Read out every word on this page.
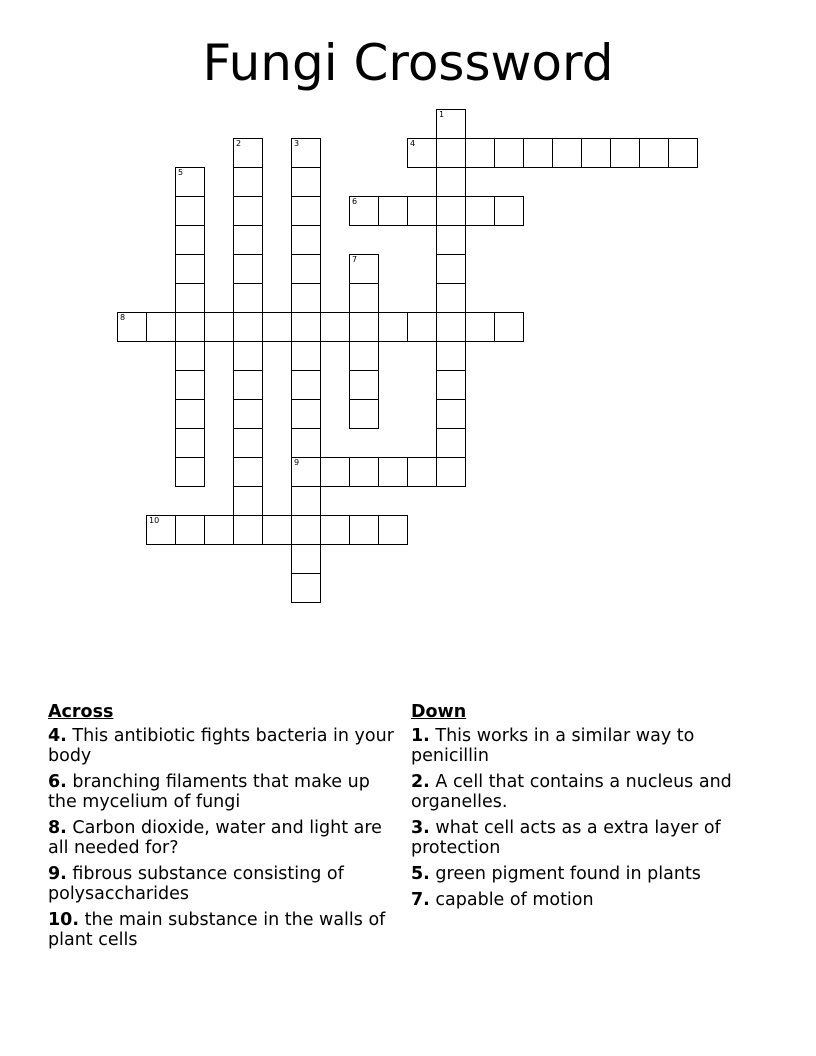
Fungi Crossword
1
2	3
9
4
5
6
7
8
10
Across
4. This antibiotic fights bacteria in your body
6. branching filaments that make up the mycelium of fungi
8. Carbon dioxide, water and light are all needed for?
9. fibrous substance consisting of polysaccharides
10. the main substance in the walls of plant cells
Down
1. This works in a similar way to penicillin
2. A cell that contains a nucleus and organelles.
3. what cell acts as a extra layer of protection
5. green pigment found in plants
7. capable of motion
